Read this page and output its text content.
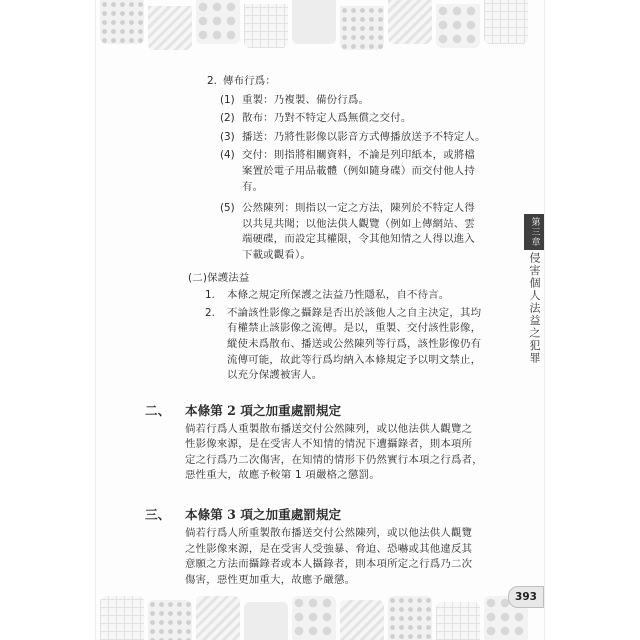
2. 傳布行爲：
(1) 重製：乃複製、備份行爲。
(2) 散布：乃對不特定人爲無償之交付。
(3) 播送：乃將性影像以影音方式傳播放送予不特定人。
(4) 交付：則指將相關資料，不論是列印紙本，或將檔
案置於電子用品載體（例如隨身碟）而交付他人持
有。
(5) 公然陳列：則指以一定之方法，陳列於不特定人得
以共見共聞；以他法供人觀覽（例如上傳網站、雲
端硬碟，而設定其權限，令其他知情之人得以進入
下載或觀看）。
(二)保護法益
1.	本條之規定所保護之法益乃性隱私，自不待言。
2.	不論該性影像之攝錄是否出於該他人之自主決定，其均
有權禁止該影像之流傳。是以，重製、交付該性影像，
縱使未爲散布、播送或公然陳列等行爲，該性影像仍有
流傳可能，故此等行爲均納入本條規定予以明文禁止，
以充分保護被害人。
二、	本條第 2 項之加重處罰規定
倘若行爲人重製散布播送交付公然陳列，或以他法供人觀覽之
性影像來源，是在受害人不知情的情況下遭攝錄者，則本項所
定之行爲乃二次傷害，在知情的情形下仍然實行本項之行爲者，
惡性重大，故應予較第 1 項嚴格之懲罰。
三、	本條第 3 項之加重處罰規定
倘若行爲人所重製散布播送交付公然陳列，或以他法供人觀覽
之性影像來源，是在受害人受強暴、脅迫、恐嚇或其他違反其
意願之方法而攝錄者或本人攝錄者，則本項所定之行爲乃二次
傷害，惡性更加重大，故應予嚴懲。
第三章
侵害個人法益之犯罪
393
